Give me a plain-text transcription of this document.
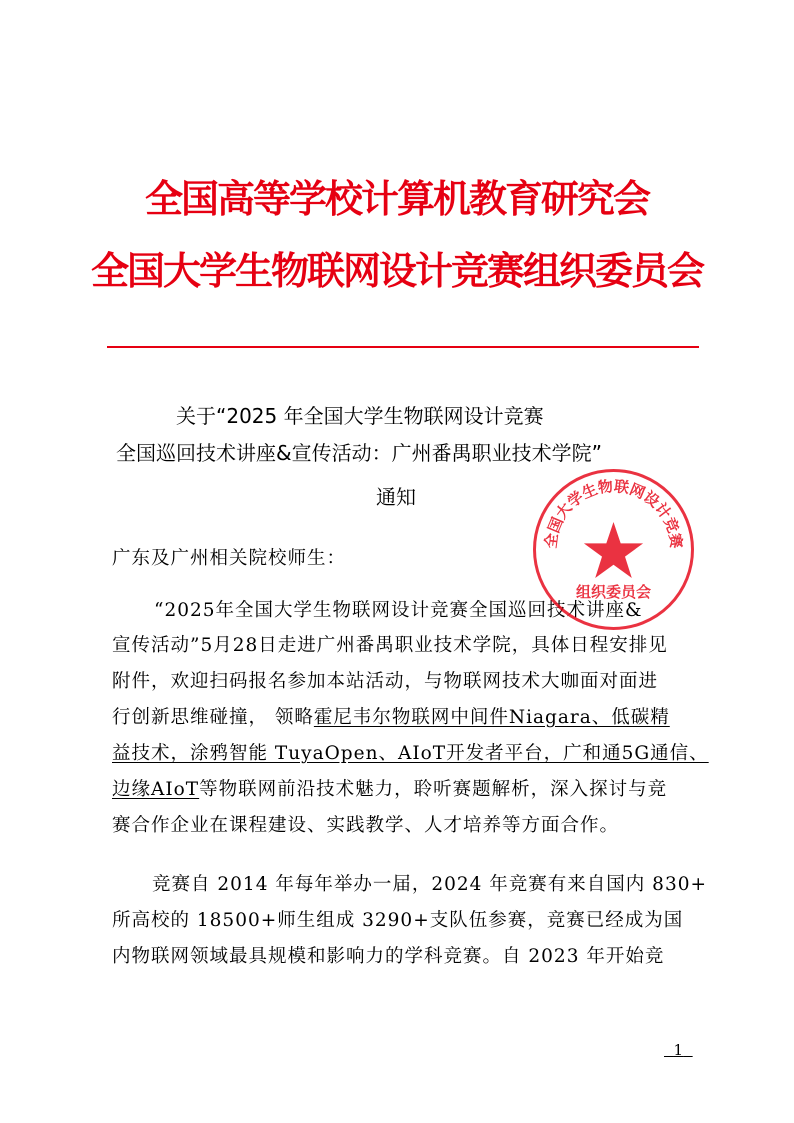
全国高等学校计算机教育研究会
全国大学生物联网设计竞赛组织委员会
关于“2025 年全国大学生物联网设计竞赛
全国巡回技术讲座&宣传活动：广州番禺职业技术学院”
通知
广东及广州相关院校师生：
“2025年全国大学生物联网设计竞赛全国巡回技术讲座&
宣传活动”5月28日走进广州番禺职业技术学院，具体日程安排见
附件，欢迎扫码报名参加本站活动，与物联网技术大咖面对面进
行创新思维碰撞， 领略霍尼韦尔物联网中间件Niagara、低碳精
益技术，涂鸦智能 TuyaOpen、AIoT开发者平台，广和通5G通信、
边缘AIoT等物联网前沿技术魅力，聆听赛题解析，深入探讨与竞
赛合作企业在课程建设、实践教学、人才培养等方面合作。
竞赛自 2014 年每年举办一届，2024 年竞赛有来自国内 830+
所高校的 18500+师生组成 3290+支队伍参赛，竞赛已经成为国
内物联网领域最具规模和影响力的学科竞赛。自 2023 年开始竞
全国大学生物联网设计竞赛
组织委员会
1
